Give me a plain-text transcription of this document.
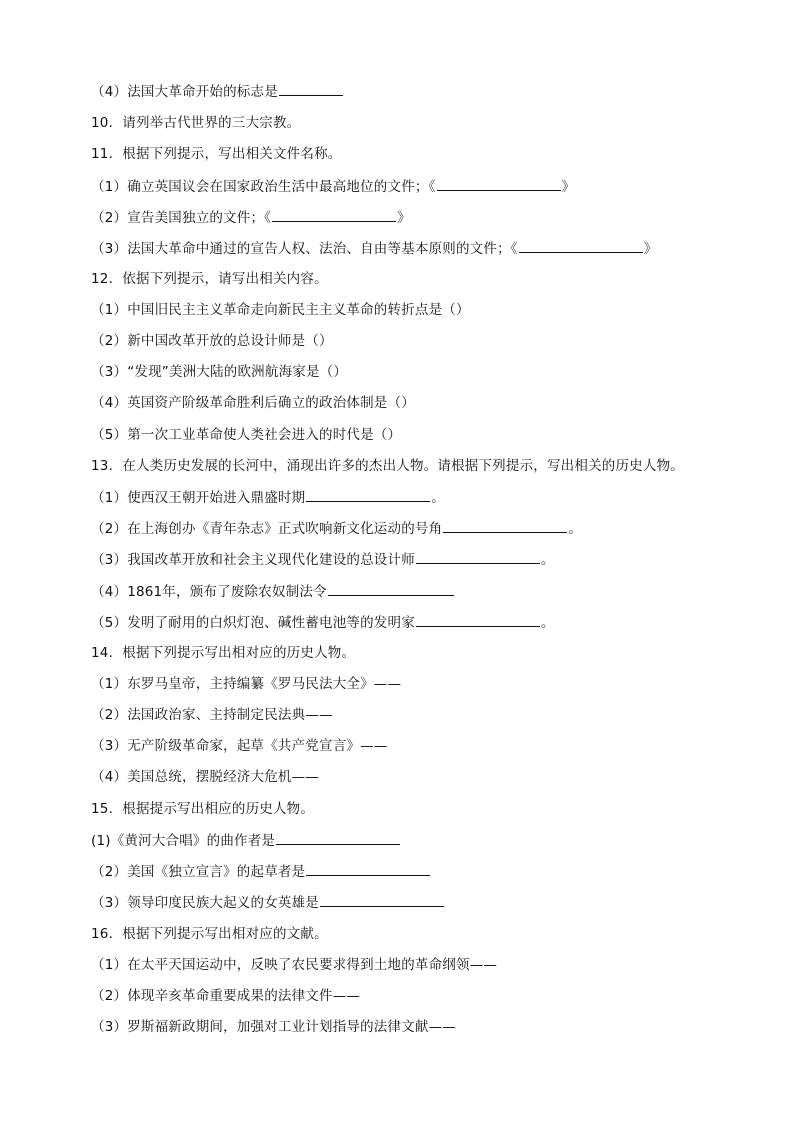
（4）法国大革命开始的标志是
10．请列举古代世界的三大宗教。
11．根据下列提示，写出相关文件名称。
（1）确立英国议会在国家政治生活中最高地位的文件；《	》
（2）宣告美国独立的文件；《	》
（3）法国大革命中通过的宣告人权、法治、自由等基本原则的文件；《	》
12．依据下列提示，请写出相关内容。
（1）中国旧民主主义革命走向新民主主义革命的转折点是（）
（2）新中国改革开放的总设计师是（）
（3）“发现”美洲大陆的欧洲航海家是（）
（4）英国资产阶级革命胜利后确立的政治体制是（）
（5）第一次工业革命使人类社会进入的时代是（）
13．在人类历史发展的长河中，涌现出许多的杰出人物。请根据下列提示，写出相关的历史人物。
（1）使西汉王朝开始进入鼎盛时期	。
（2）在上海创办《青年杂志》正式吹响新文化运动的号角	。
（3）我国改革开放和社会主义现代化建设的总设计师	。
（4）1861年，颁布了废除农奴制法令
（5）发明了耐用的白炽灯泡、碱性蓄电池等的发明家	。
14．根据下列提示写出相对应的历史人物。
（1）东罗马皇帝，主持编纂《罗马民法大全》——
（2）法国政治家、主持制定民法典——
（3）无产阶级革命家，起草《共产党宣言》——
（4）美国总统，摆脱经济大危机——
15．根据提示写出相应的历史人物。
(1)《黄河大合唱》的曲作者是
（2）美国《独立宣言》的起草者是
（3）领导印度民族大起义的女英雄是
16．根据下列提示写出相对应的文献。
（1）在太平天国运动中，反映了农民要求得到土地的革命纲领——
（2）体现辛亥革命重要成果的法律文件——
（3）罗斯福新政期间，加强对工业计划指导的法律文献——
